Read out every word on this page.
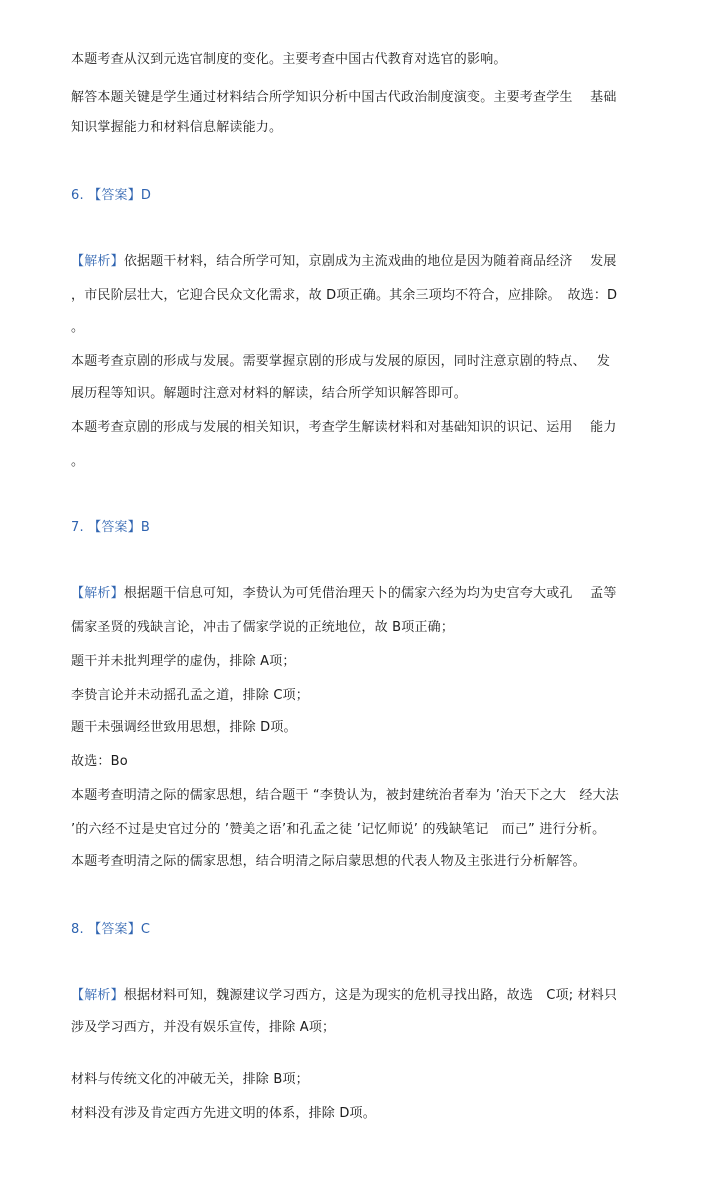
本题考查从汉到元选官制度的变化。主要考查中国古代教育对选官的影响。
解答本题关键是学生通过材料结合所学知识分析中国古代政治制度演变。主要考查学生　 基础
知识掌握能力和材料信息解读能力。
6. 【答案】D
【解析】依据题干材料，结合所学可知，京剧成为主流戏曲的地位是因为随着商品经济　 发展
，市民阶层壮大，它迎合民众文化需求，故 D项正确。其余三项均不符合，应排除。　故选：D
。
本题考查京剧的形成与发展。需要掌握京剧的形成与发展的原因，同时注意京剧的特点、　 发
展历程等知识。解题时注意对材料的解读，结合所学知识解答即可。
本题考查京剧的形成与发展的相关知识，考查学生解读材料和对基础知识的识记、运用　 能力
。
7. 【答案】B
【解析】根据题干信息可知，李贽认为可凭借治理天卜的儒家六经为均为史宫夸大或孔　 孟等
儒家圣贤的残缺言论，冲击了儒家学说的正统地位，故 B项正确；
题干并未批判理学的虚伪，排除 A项；
李贽言论并未动摇孔孟之道，排除 C项；
题干未强调经世致用思想，排除 D项。
故选：Bo
本题考查明清之际的儒家思想，结合题干 “李贽认为，被封建统治者奉为 ’治天下之大　经大法
’的六经不过是史官过分的 ’赞美之语’和孔孟之徒 ’记忆师说’ 的残缺笔记　而己” 进行分析。
本题考查明清之际的儒家思想，结合明清之际启蒙思想的代表人物及主张进行分析解答。
8. 【答案】C
【解析】根据材料可知，魏源建议学习西方，这是为现实的危机寻找出路，故选　C项; 材料只
涉及学习西方，并没有娱乐宣传，排除 A项；
材料与传统文化的冲破无关，排除 B项；
材料没有涉及肯定西方先进文明的体系，排除 D项。
